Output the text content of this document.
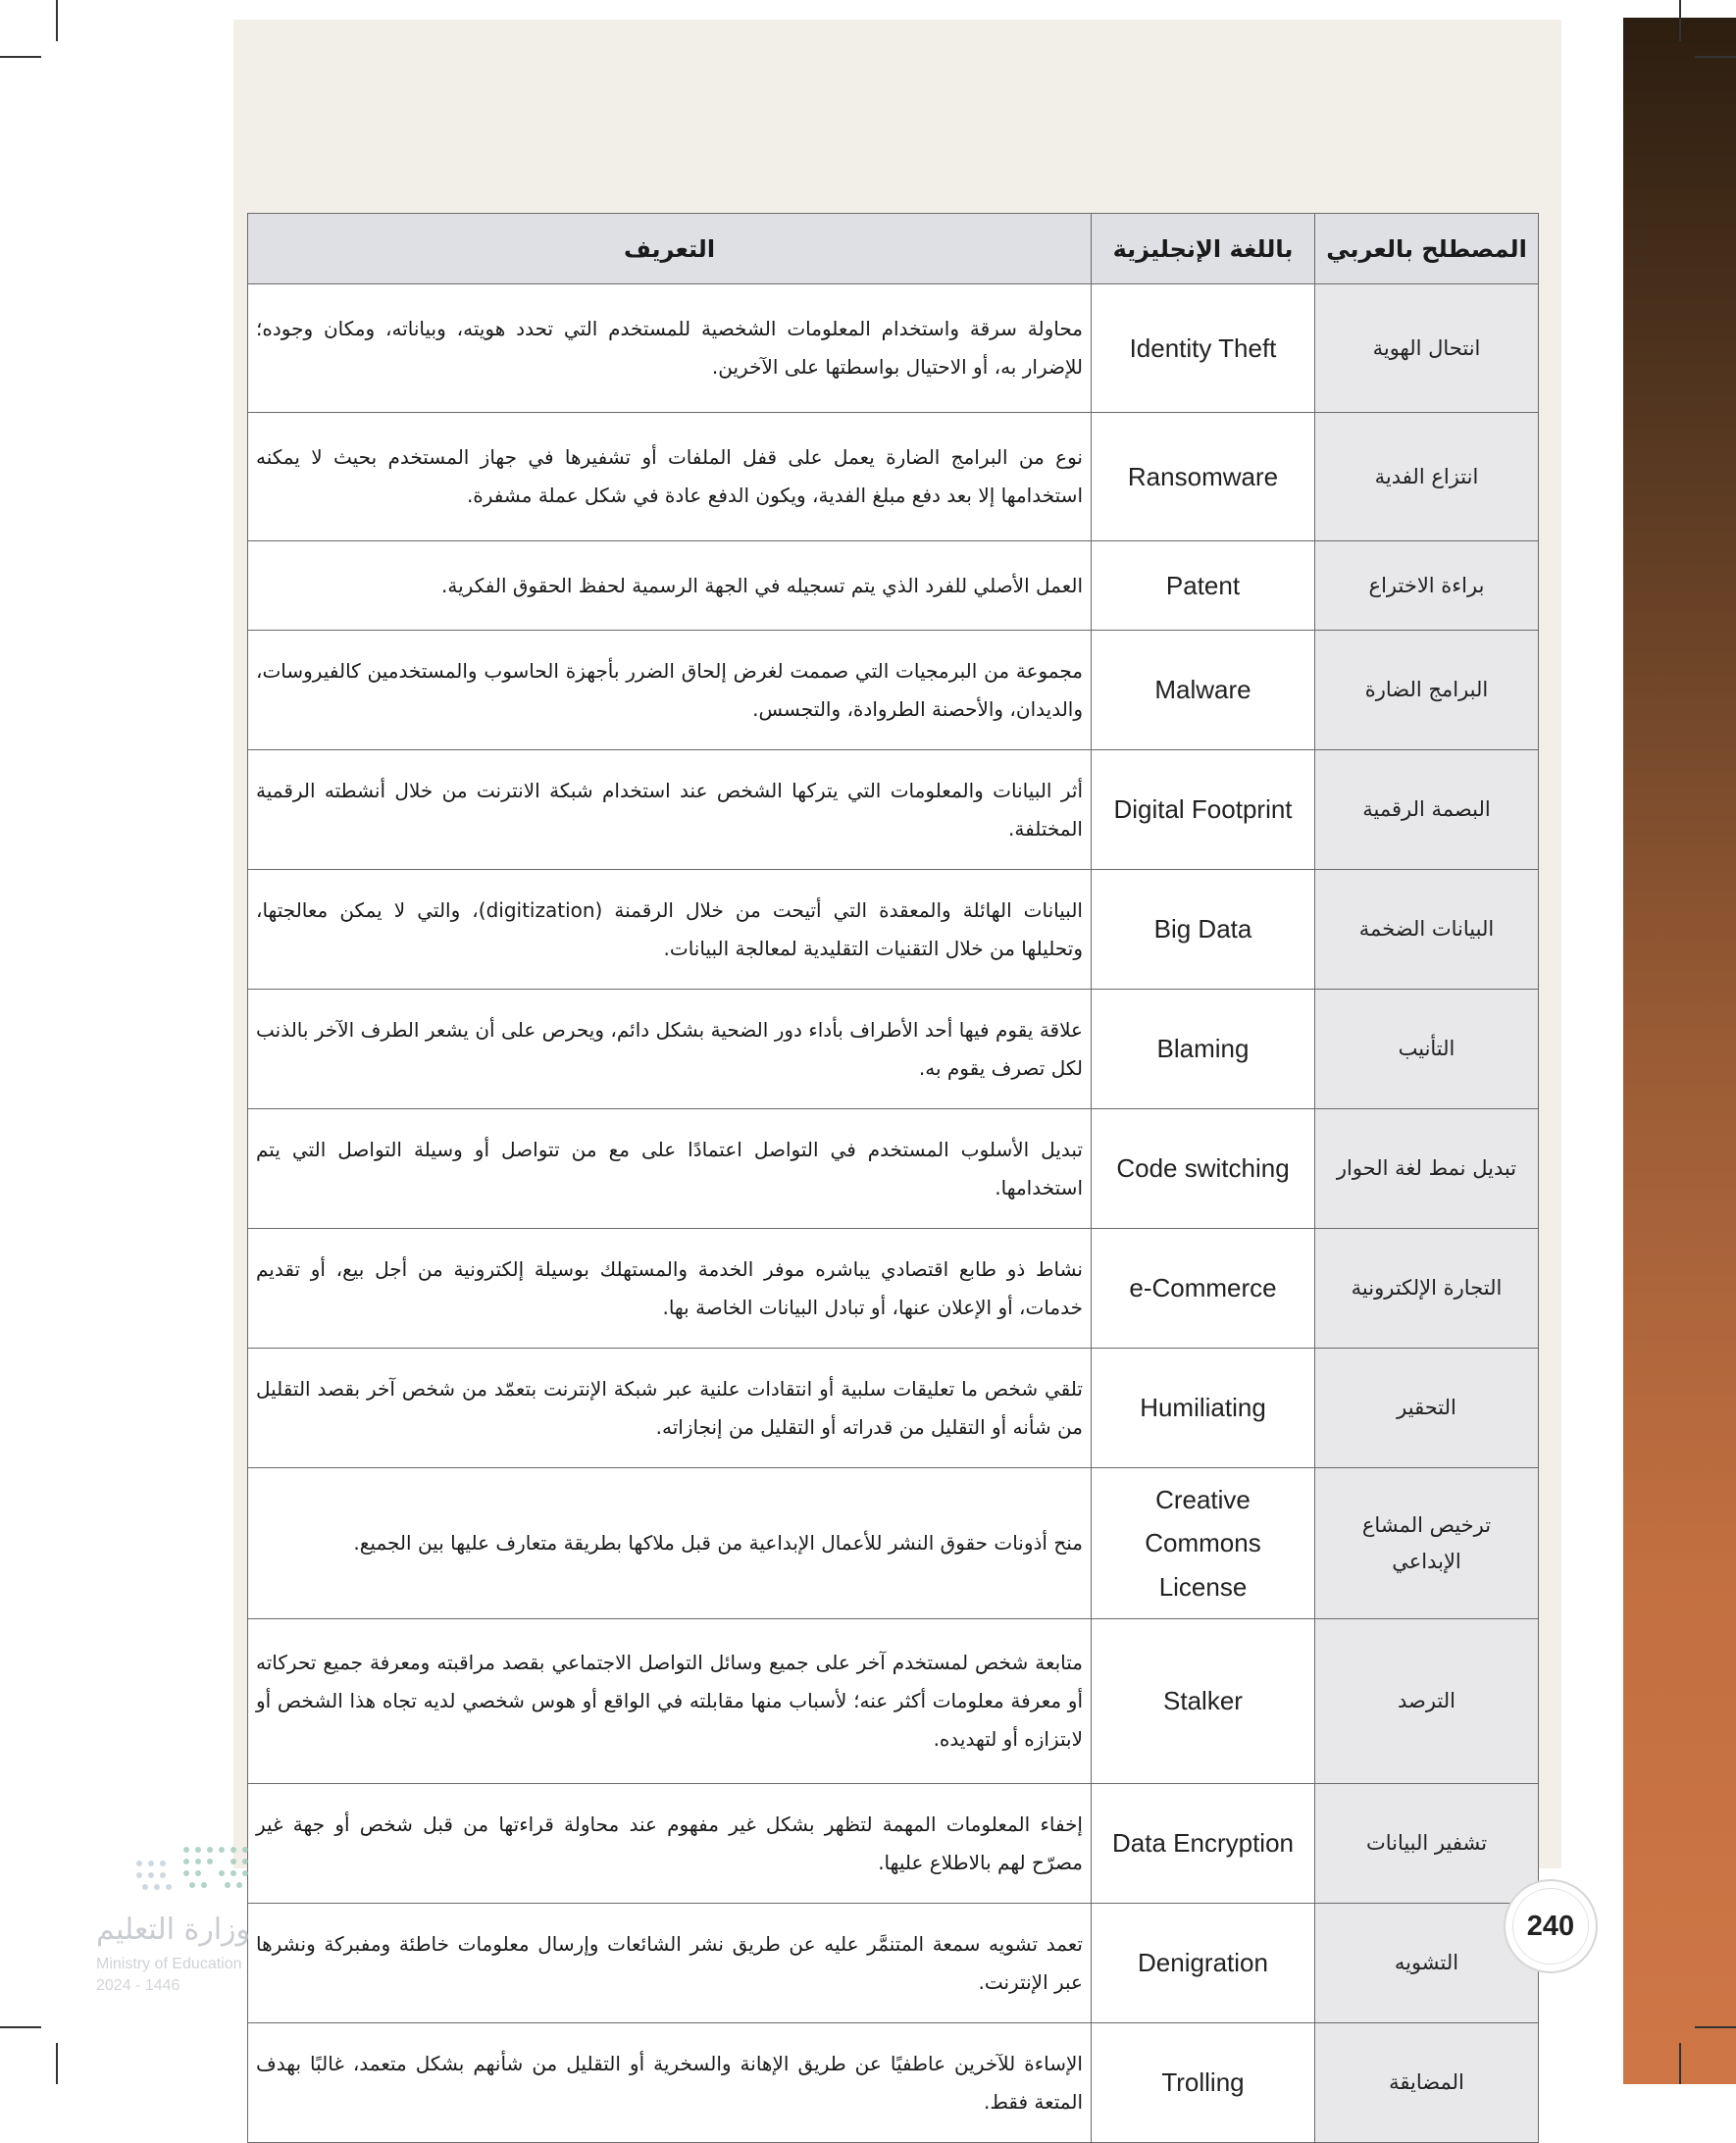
المصطلح بالعربي	باللغة الإنجليزية	التعريف
انتحال الهوية	Identity Theft	محاولة سرقة واستخدام المعلومات الشخصية للمستخدم التي تحدد هويته، وبياناته، ومكان وجوده؛ للإضرار به، أو الاحتيال بواسطتها على الآخرين.
انتزاع الفدية	Ransomware	نوع من البرامج الضارة يعمل على قفل الملفات أو تشفيرها في جهاز المستخدم بحيث لا يمكنه استخدامها إلا بعد دفع مبلغ الفدية، ويكون الدفع عادة في شكل عملة مشفرة.
براءة الاختراع	Patent	العمل الأصلي للفرد الذي يتم تسجيله في الجهة الرسمية لحفظ الحقوق الفكرية.
البرامج الضارة	Malware	مجموعة من البرمجيات التي صممت لغرض إلحاق الضرر بأجهزة الحاسوب والمستخدمين كالفيروسات، والديدان، والأحصنة الطروادة، والتجسس.
البصمة الرقمية	Digital Footprint	أثر البيانات والمعلومات التي يتركها الشخص عند استخدام شبكة الانترنت من خلال أنشطته الرقمية المختلفة.
البيانات الضخمة	Big Data	البيانات الهائلة والمعقدة التي أتيحت من خلال الرقمنة (digitization)، والتي لا يمكن معالجتها، وتحليلها من خلال التقنيات التقليدية لمعالجة البيانات.
التأنيب	Blaming	علاقة يقوم فيها أحد الأطراف بأداء دور الضحية بشكل دائم، ويحرص على أن يشعر الطرف الآخر بالذنب لكل تصرف يقوم به.
تبديل نمط لغة الحوار	Code switching	تبديل الأسلوب المستخدم في التواصل اعتمادًا على مع من تتواصل أو وسيلة التواصل التي يتم استخدامها.
التجارة الإلكترونية	e-Commerce	نشاط ذو طابع اقتصادي يباشره موفر الخدمة والمستهلك بوسيلة إلكترونية من أجل بيع، أو تقديم خدمات، أو الإعلان عنها، أو تبادل البيانات الخاصة بها.
التحقير	Humiliating	تلقي شخص ما تعليقات سلبية أو انتقادات علنية عبر شبكة الإنترنت بتعمّد من شخص آخر بقصد التقليل من شأنه أو التقليل من قدراته أو التقليل من إنجازاته.
ترخيص المشاع الإبداعي	Creative Commons License	منح أذونات حقوق النشر للأعمال الإبداعية من قبل ملاكها بطريقة متعارف عليها بين الجميع.
الترصد	Stalker	متابعة شخص لمستخدم آخر على جميع وسائل التواصل الاجتماعي بقصد مراقبته ومعرفة جميع تحركاته أو معرفة معلومات أكثر عنه؛ لأسباب منها مقابلته في الواقع أو هوس شخصي لديه تجاه هذا الشخص أو لابتزازه أو لتهديده.
تشفير البيانات	Data Encryption	إخفاء المعلومات المهمة لتظهر بشكل غير مفهوم عند محاولة قراءتها من قبل شخص أو جهة غير مصرّح لهم بالاطلاع عليها.
التشويه	Denigration	تعمد تشويه سمعة المتنمَّر عليه عن طريق نشر الشائعات وإرسال معلومات خاطئة ومفبركة ونشرها عبر الإنترنت.
المضايقة	Trolling	الإساءة للآخرين عاطفيًا عن طريق الإهانة والسخرية أو التقليل من شأنهم بشكل متعمد، غالبًا بهدف المتعة فقط.
وزارة التعليم
Ministry of Education
2024 - 1446
240
